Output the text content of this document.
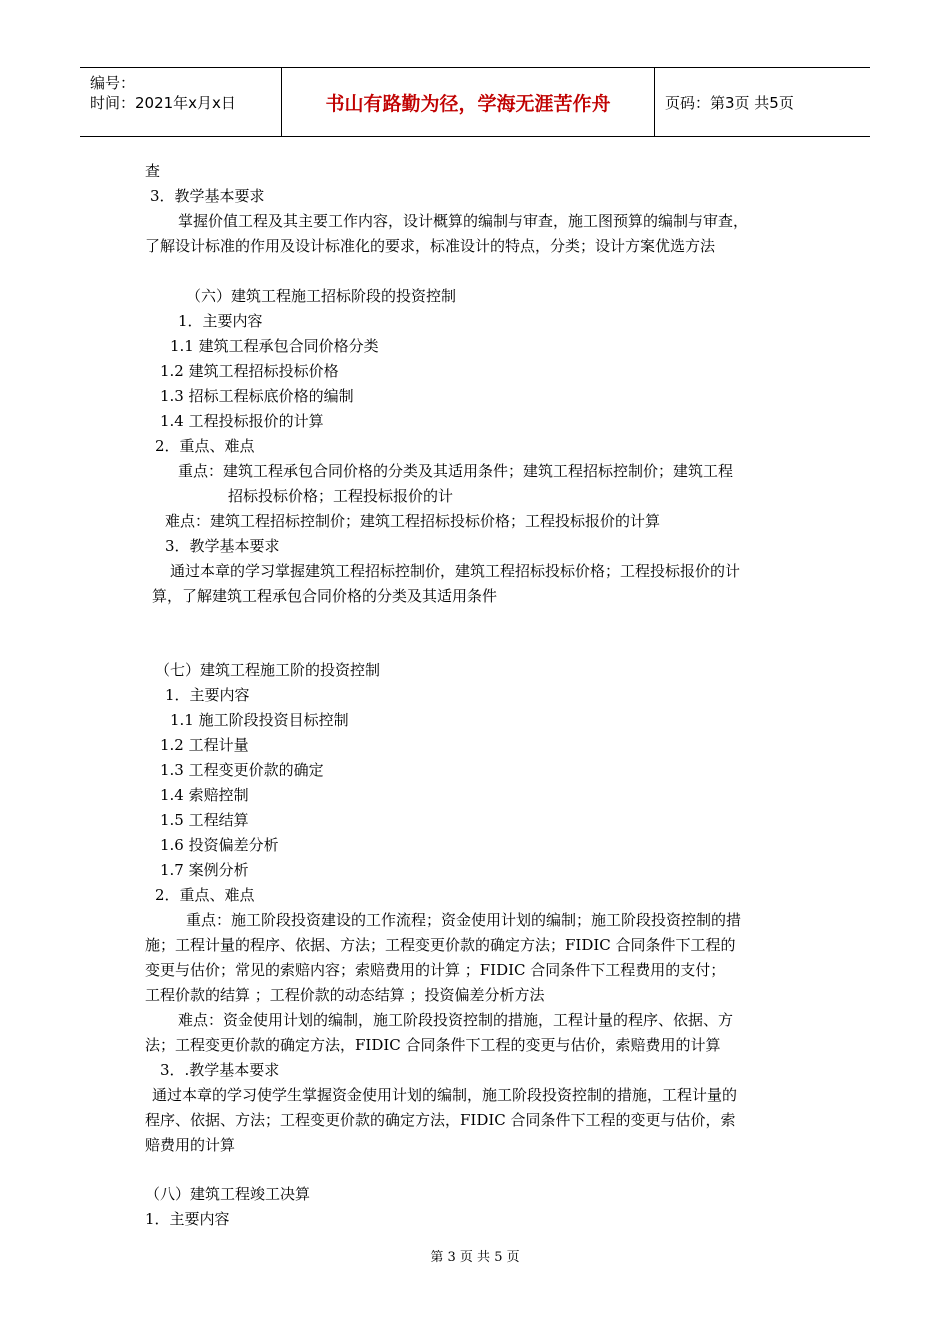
编号：
时间：2021年x月x日	书山有路勤为径，学海无涯苦作舟	页码：第3页 共5页
查
3．教学基本要求
掌握价值工程及其主要工作内容，设计概算的编制与审查，施工图预算的编制与审查，
了解设计标准的作用及设计标准化的要求，标准设计的特点，分类；设计方案优选方法
（六）建筑工程施工招标阶段的投资控制
1．主要内容
1.1 建筑工程承包合同价格分类
1.2 建筑工程招标投标价格
1.3 招标工程标底价格的编制
1.4 工程投标报价的计算
2．重点、难点
重点：建筑工程承包合同价格的分类及其适用条件；建筑工程招标控制价；建筑工程
招标投标价格；工程投标报价的计
难点：建筑工程招标控制价；建筑工程招标投标价格；工程投标报价的计算
3．教学基本要求
通过本章的学习掌握建筑工程招标控制价，建筑工程招标投标价格；工程投标报价的计
算，了解建筑工程承包合同价格的分类及其适用条件
（七）建筑工程施工阶的投资控制
1．主要内容
1.1 施工阶段投资目标控制
1.2 工程计量
1.3 工程变更价款的确定
1.4 索赔控制
1.5 工程结算
1.6 投资偏差分析
1.7 案例分析
2．重点、难点
重点：施工阶段投资建设的工作流程；资金使用计划的编制；施工阶段投资控制的措
施；工程计量的程序、依据、方法；工程变更价款的确定方法；FIDIC 合同条件下工程的
变更与估价；常见的索赔内容；索赔费用的计算 ；FIDIC 合同条件下工程费用的支付；
工程价款的结算 ；工程价款的动态结算 ；投资偏差分析方法
难点：资金使用计划的编制，施工阶段投资控制的措施，工程计量的程序、依据、方
法；工程变更价款的确定方法，FIDIC 合同条件下工程的变更与估价，索赔费用的计算
3．.教学基本要求
通过本章的学习使学生掌握资金使用计划的编制，施工阶段投资控制的措施，工程计量的
程序、依据、方法；工程变更价款的确定方法，FIDIC 合同条件下工程的变更与估价，索
赔费用的计算
（八）建筑工程竣工决算
1．主要内容
第 3 页 共 5 页
